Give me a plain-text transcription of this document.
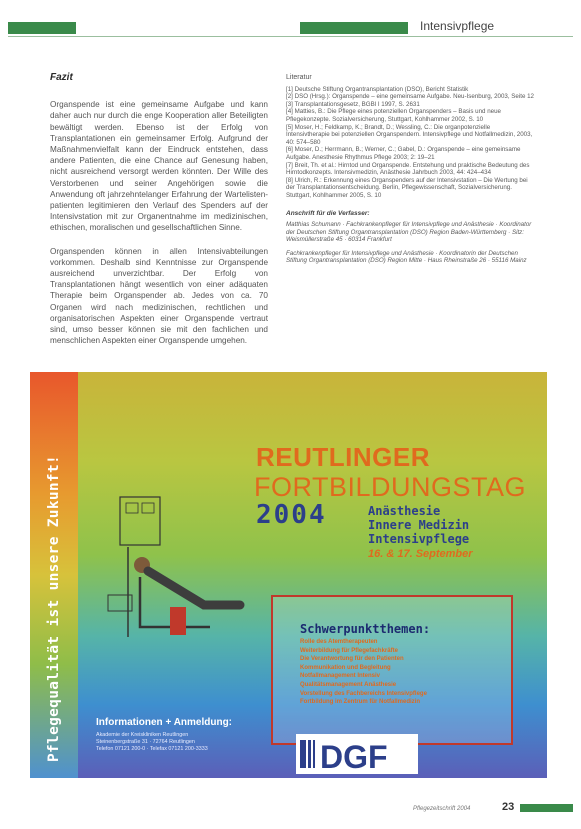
Intensivpflege
Fazit

Organspende ist eine gemeinsame Aufgabe und kann daher auch nur durch die enge Kooperation aller Beteiligten bewältigt werden. Ebenso ist der Erfolg von Transplantationen ein gemeinsamer Erfolg. Aufgrund der Maßnahmenvielfalt kann der Eindruck entstehen, dass andere Patienten, die eine Chance auf Genesung haben, nicht ausreichend versorgt werden könnten. Der Wille des Verstorbenen und seiner Angehörigen sowie die Anwendung oft jahrzehntelanger Erfahrung der Wartelisten-patienten legitimieren den Verlauf des Spenders auf der Intensivstation mit zur Organentnahme im medizinischen, ethischen, moralischen und gesellschaftlichen Sinne.

Organspenden können in allen Intensivabteilungen vorkommen. Deshalb sind Kenntnisse zur Organspende ausreichend unverzichtbar. Der Erfolg von Transplantationen hängt wesentlich von einer adäquaten Therapie beim Organspender ab. Jedes von ca. 70 Organen wird nach medizinischen, rechtlichen und organisatorischen Aspekten einer Organspende vertraut sind, umso besser können sie mit den fachlichen und menschlichen Aspekten einer Organspende umgehen.

Literatur

[1] Deutsche Stiftung Organtransplantation (DSO), Bericht Statistik

[2] DSO (Hrsg.): Organspende – eine gemeinsame Aufgabe. Neu-Isenburg, 2003, Seite 12

[3] Transplantationsgesetz, BGBl I 1997, S. 2631

[4] Matties, B.: Die Pflege eines potenziellen Organspenders – Basis und neue Pflegekonzepte. Sozialversicherung, Stuttgart, Kohlhammer 2002, S. 10

[5] Moser, H.; Feldkamp, K.; Brandt, D.; Wessling, C.: Die organpotenzielle Intensivtherapie bei potenziellen Organspendern. Intensivpflege und Notfallmedizin, 2003, 40: 574–580

[6] Moser, D.; Herrmann, B.; Werner, C.; Gabel, D.: Organspende – eine gemeinsame Aufgabe. Anesthesie Rhythmus Pflege 2003; 2: 19–21

[7] Breit, Th. et al.: Hirntod und Organspende. Entstehung und praktische Bedeutung des Hirntodkonzepts. Intensivmedizin, Anästhesie Jahrbuch 2003, 44: 424–434

[8] Ulrich, R.: Erkennung eines Organspenders auf der Intensivstation – Die Wertung bei der Transplantationsentscheidung. Berlin, Pflegewissenschaft, Sozialversicherung. Stuttgart, Kohlhammer 2005, S. 10

Anschrift für die Verfasser:

Matthias Schumann · Fachkrankenpfleger für Intensivpflege und Anästhesie · Koordinator der Deutschen Stiftung Organtransplantation (DSO) Region Baden-Württemberg · Sitz: Weismüllerstraße 45 · 60314 Frankfurt

Fachkrankenpfleger für Intensivpflege und Anästhesie · Koordinatorin der Deutschen Stiftung Organtransplantation (DSO) Region Mitte · Haus Rheinstraße 26 · 55116 Mainz

Pflegequalität ist unsere Zukunft!	REUTLINGER
FORTBILDUNGSTAG
2004	Anästhesie
Innere Medizin
Intensivpflege
16. & 17. September
Schwerpunktthemen:
Rolle des Atemtherapeuten
Weiterbildung für Pflegefachkräfte
Die Verantwortung für den Patienten
Kommunikation und Begleitung
Notfallmanagement Intensiv
Qualitätsmanagement Anästhesie
Vorstellung des Fachbereichs Intensivpflege
Fortbildung im Zentrum für Notfallmedizin
Informationen + Anmeldung:
Akademie der Kreiskliniken Reutlingen
Steinenbergstraße 31 · 72764 Reutlingen
Telefon 07121 200-0 · Telefax 07121 200-3333	DGF
Pflegezeitschrift 2004	23
